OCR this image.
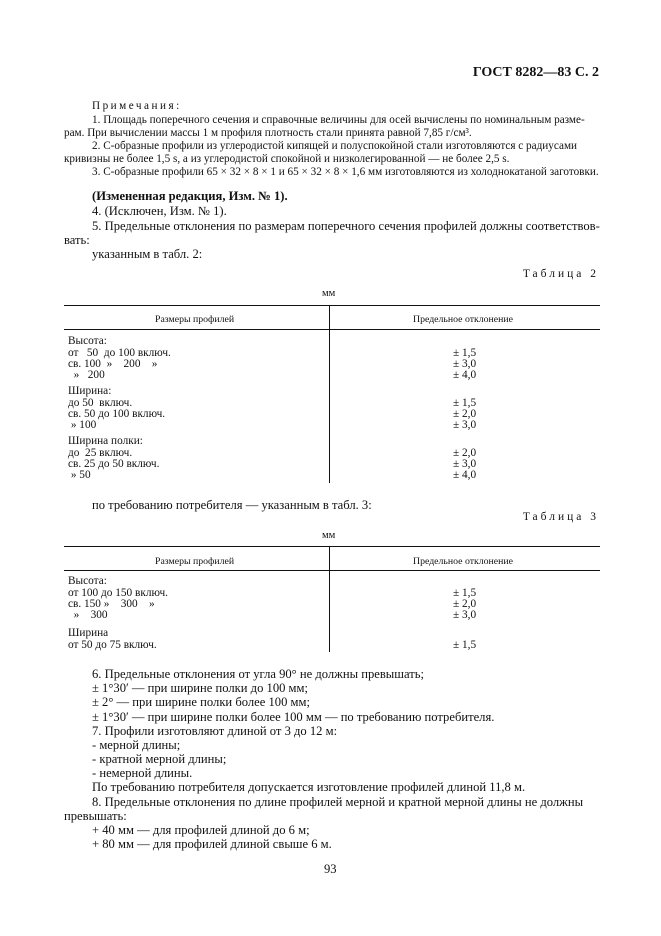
ГОСТ 8282—83 С. 2
Примечания:
1. Площадь поперечного сечения и справочные величины для осей вычислены по номинальным разме-
рам. При вычислении массы 1 м профиля плотность стали принята равной 7,85 г/см³.
2. С-образные профили из углеродистой кипящей и полуспокойной стали изготовляются с радиусами
кривизны не более 1,5 s, а из углеродистой спокойной и низколегированной — не более 2,5 s.
3. С-образные профили 65 × 32 × 8 × 1 и 65 × 32 × 8 × 1,6 мм изготовляются из холоднокатаной заготовки.
(Измененная редакция, Изм. № 1).
4. (Исключен, Изм. № 1).
5. Предельные отклонения по размерам поперечного сечения профилей должны соответствов-
вать:
указанным в табл. 2:
Таблица 2
мм
Размеры профилей	Предельное отклонение
Высота:
от   50  до 100 включ.	± 1,5
св. 100  »    200    »	± 3,0
»   200	± 4,0
Ширина:
до 50  включ.	± 1,5
св. 50 до 100 включ.	± 2,0
» 100	± 3,0
Ширина полки:
до  25 включ.	± 2,0
св. 25 до 50 включ.	± 3,0
» 50	± 4,0
по требованию потребителя — указанным в табл. 3:
Таблица 3
мм
Размеры профилей	Предельное отклонение
Высота:
от 100 до 150 включ.	± 1,5
св. 150 »    300    »	± 2,0
»    300	± 3,0
Ширина
от 50 до 75 включ.	± 1,5
6. Предельные отклонения от угла 90° не должны превышать;
± 1°30′ — при ширине полки до 100 мм;
± 2° — при ширине полки более 100 мм;
± 1°30′ — при ширине полки более 100 мм — по требованию потребителя.
7. Профили изготовляют длиной от 3 до 12 м:
- мерной длины;
- кратной мерной длины;
- немерной длины.
По требованию потребителя допускается изготовление профилей длиной 11,8 м.
8. Предельные отклонения по длине профилей мерной и кратной мерной длины не должны
превышать:
+ 40 мм — для профилей длиной до 6 м;
+ 80 мм — для профилей длиной свыше 6 м.
93
